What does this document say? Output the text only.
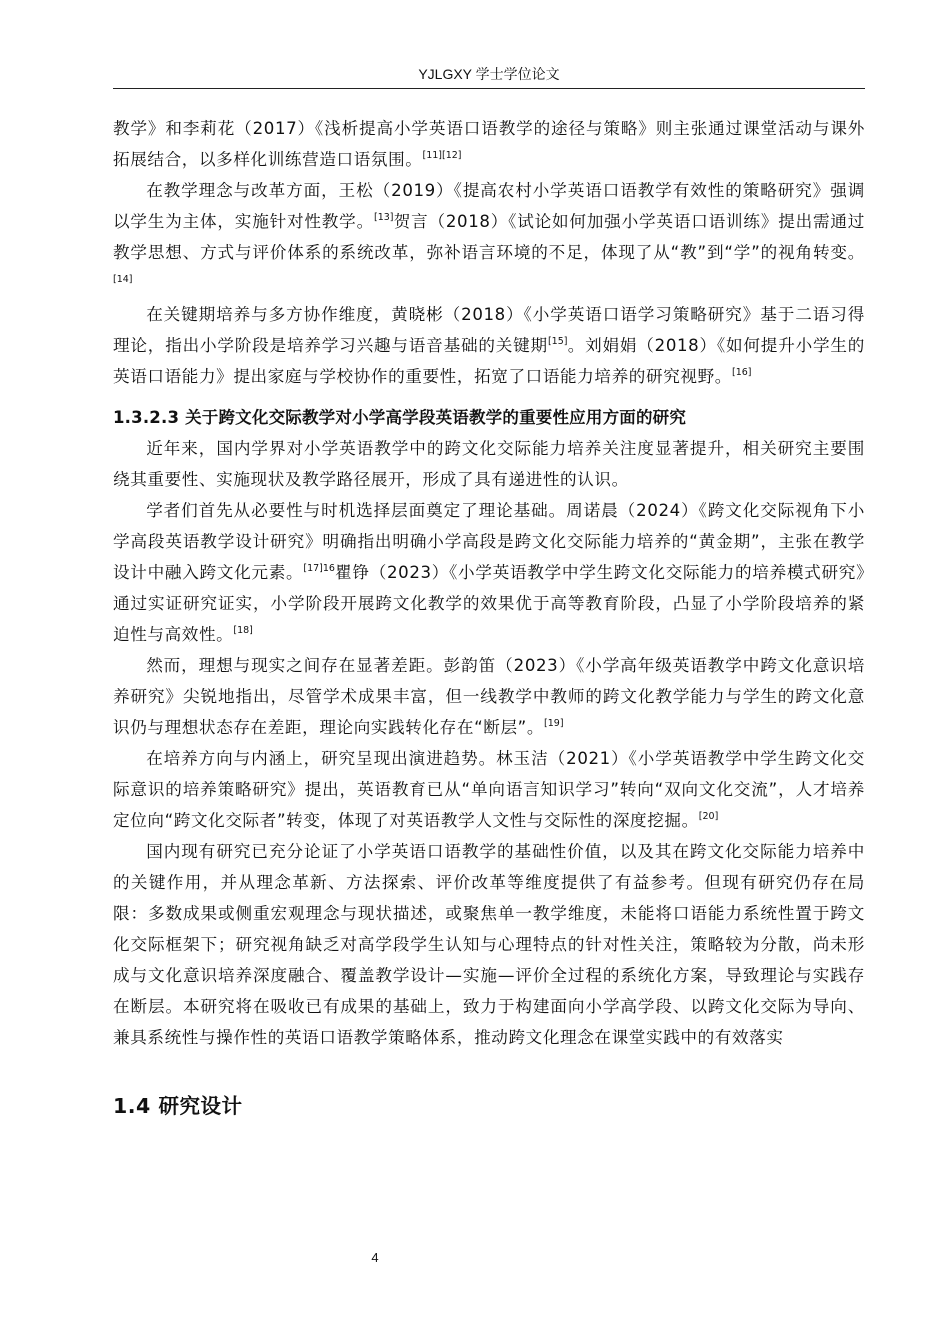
YJLGXY 学士学位论文

教学》和李莉花（2017）《浅析提高小学英语口语教学的途径与策略》则主张通过课堂活动与课外拓展结合，以多样化训练营造口语氛围。[11][12]

在教学理念与改革方面，王松（2019）《提高农村小学英语口语教学有效性的策略研究》强调以学生为主体，实施针对性教学。[13]贺言（2018）《试论如何加强小学英语口语训练》提出需通过教学思想、方式与评价体系的系统改革，弥补语言环境的不足，体现了从“教”到“学”的视角转变。[14]

在关键期培养与多方协作维度，黄晓彬（2018）《小学英语口语学习策略研究》基于二语习得理论，指出小学阶段是培养学习兴趣与语音基础的关键期[15]。刘娟娟（2018）《如何提升小学生的英语口语能力》提出家庭与学校协作的重要性，拓宽了口语能力培养的研究视野。[16]

1.3.2.3 关于跨文化交际教学对小学高学段英语教学的重要性应用方面的研究

近年来，国内学界对小学英语教学中的跨文化交际能力培养关注度显著提升，相关研究主要围绕其重要性、实施现状及教学路径展开，形成了具有递进性的认识。

学者们首先从必要性与时机选择层面奠定了理论基础。周诺晨（2024）《跨文化交际视角下小学高段英语教学设计研究》明确指出明确小学高段是跨文化交际能力培养的“黄金期”，主张在教学设计中融入跨文化元素。$^{[17]16}$瞿铮（2023）《小学英语教学中学生跨文化交际能力的培养模式研究》通过实证研究证实，小学阶段开展跨文化教学的效果优于高等教育阶段，凸显了小学阶段培养的紧迫性与高效性。[18]

然而，理想与现实之间存在显著差距。彭韵笛（2023）《小学高年级英语教学中跨文化意识培养研究》尖锐地指出，尽管学术成果丰富，但一线教学中教师的跨文化教学能力与学生的跨文化意识仍与理想状态存在差距，理论向实践转化存在“断层”。[19]

在培养方向与内涵上，研究呈现出演进趋势。林玉洁（2021）《小学英语教学中学生跨文化交际意识的培养策略研究》提出，英语教育已从“单向语言知识学习”转向“双向文化交流”，人才培养定位向“跨文化交际者”转变，体现了对英语教学人文性与交际性的深度挖掘。[20]

国内现有研究已充分论证了小学英语口语教学的基础性价值，以及其在跨文化交际能力培养中的关键作用，并从理念革新、方法探索、评价改革等维度提供了有益参考。但现有研究仍存在局限：多数成果或侧重宏观理念与现状描述，或聚焦单一教学维度，未能将口语能力系统性置于跨文化交际框架下；研究视角缺乏对高学段学生认知与心理特点的针对性关注，策略较为分散，尚未形成与文化意识培养深度融合、覆盖教学设计—实施—评价全过程的系统化方案，导致理论与实践存在断层。本研究将在吸收已有成果的基础上，致力于构建面向小学高学段、以跨文化交际为导向、兼具系统性与操作性的英语口语教学策略体系，推动跨文化理念在课堂实践中的有效落实

1.4 研究设计
4
